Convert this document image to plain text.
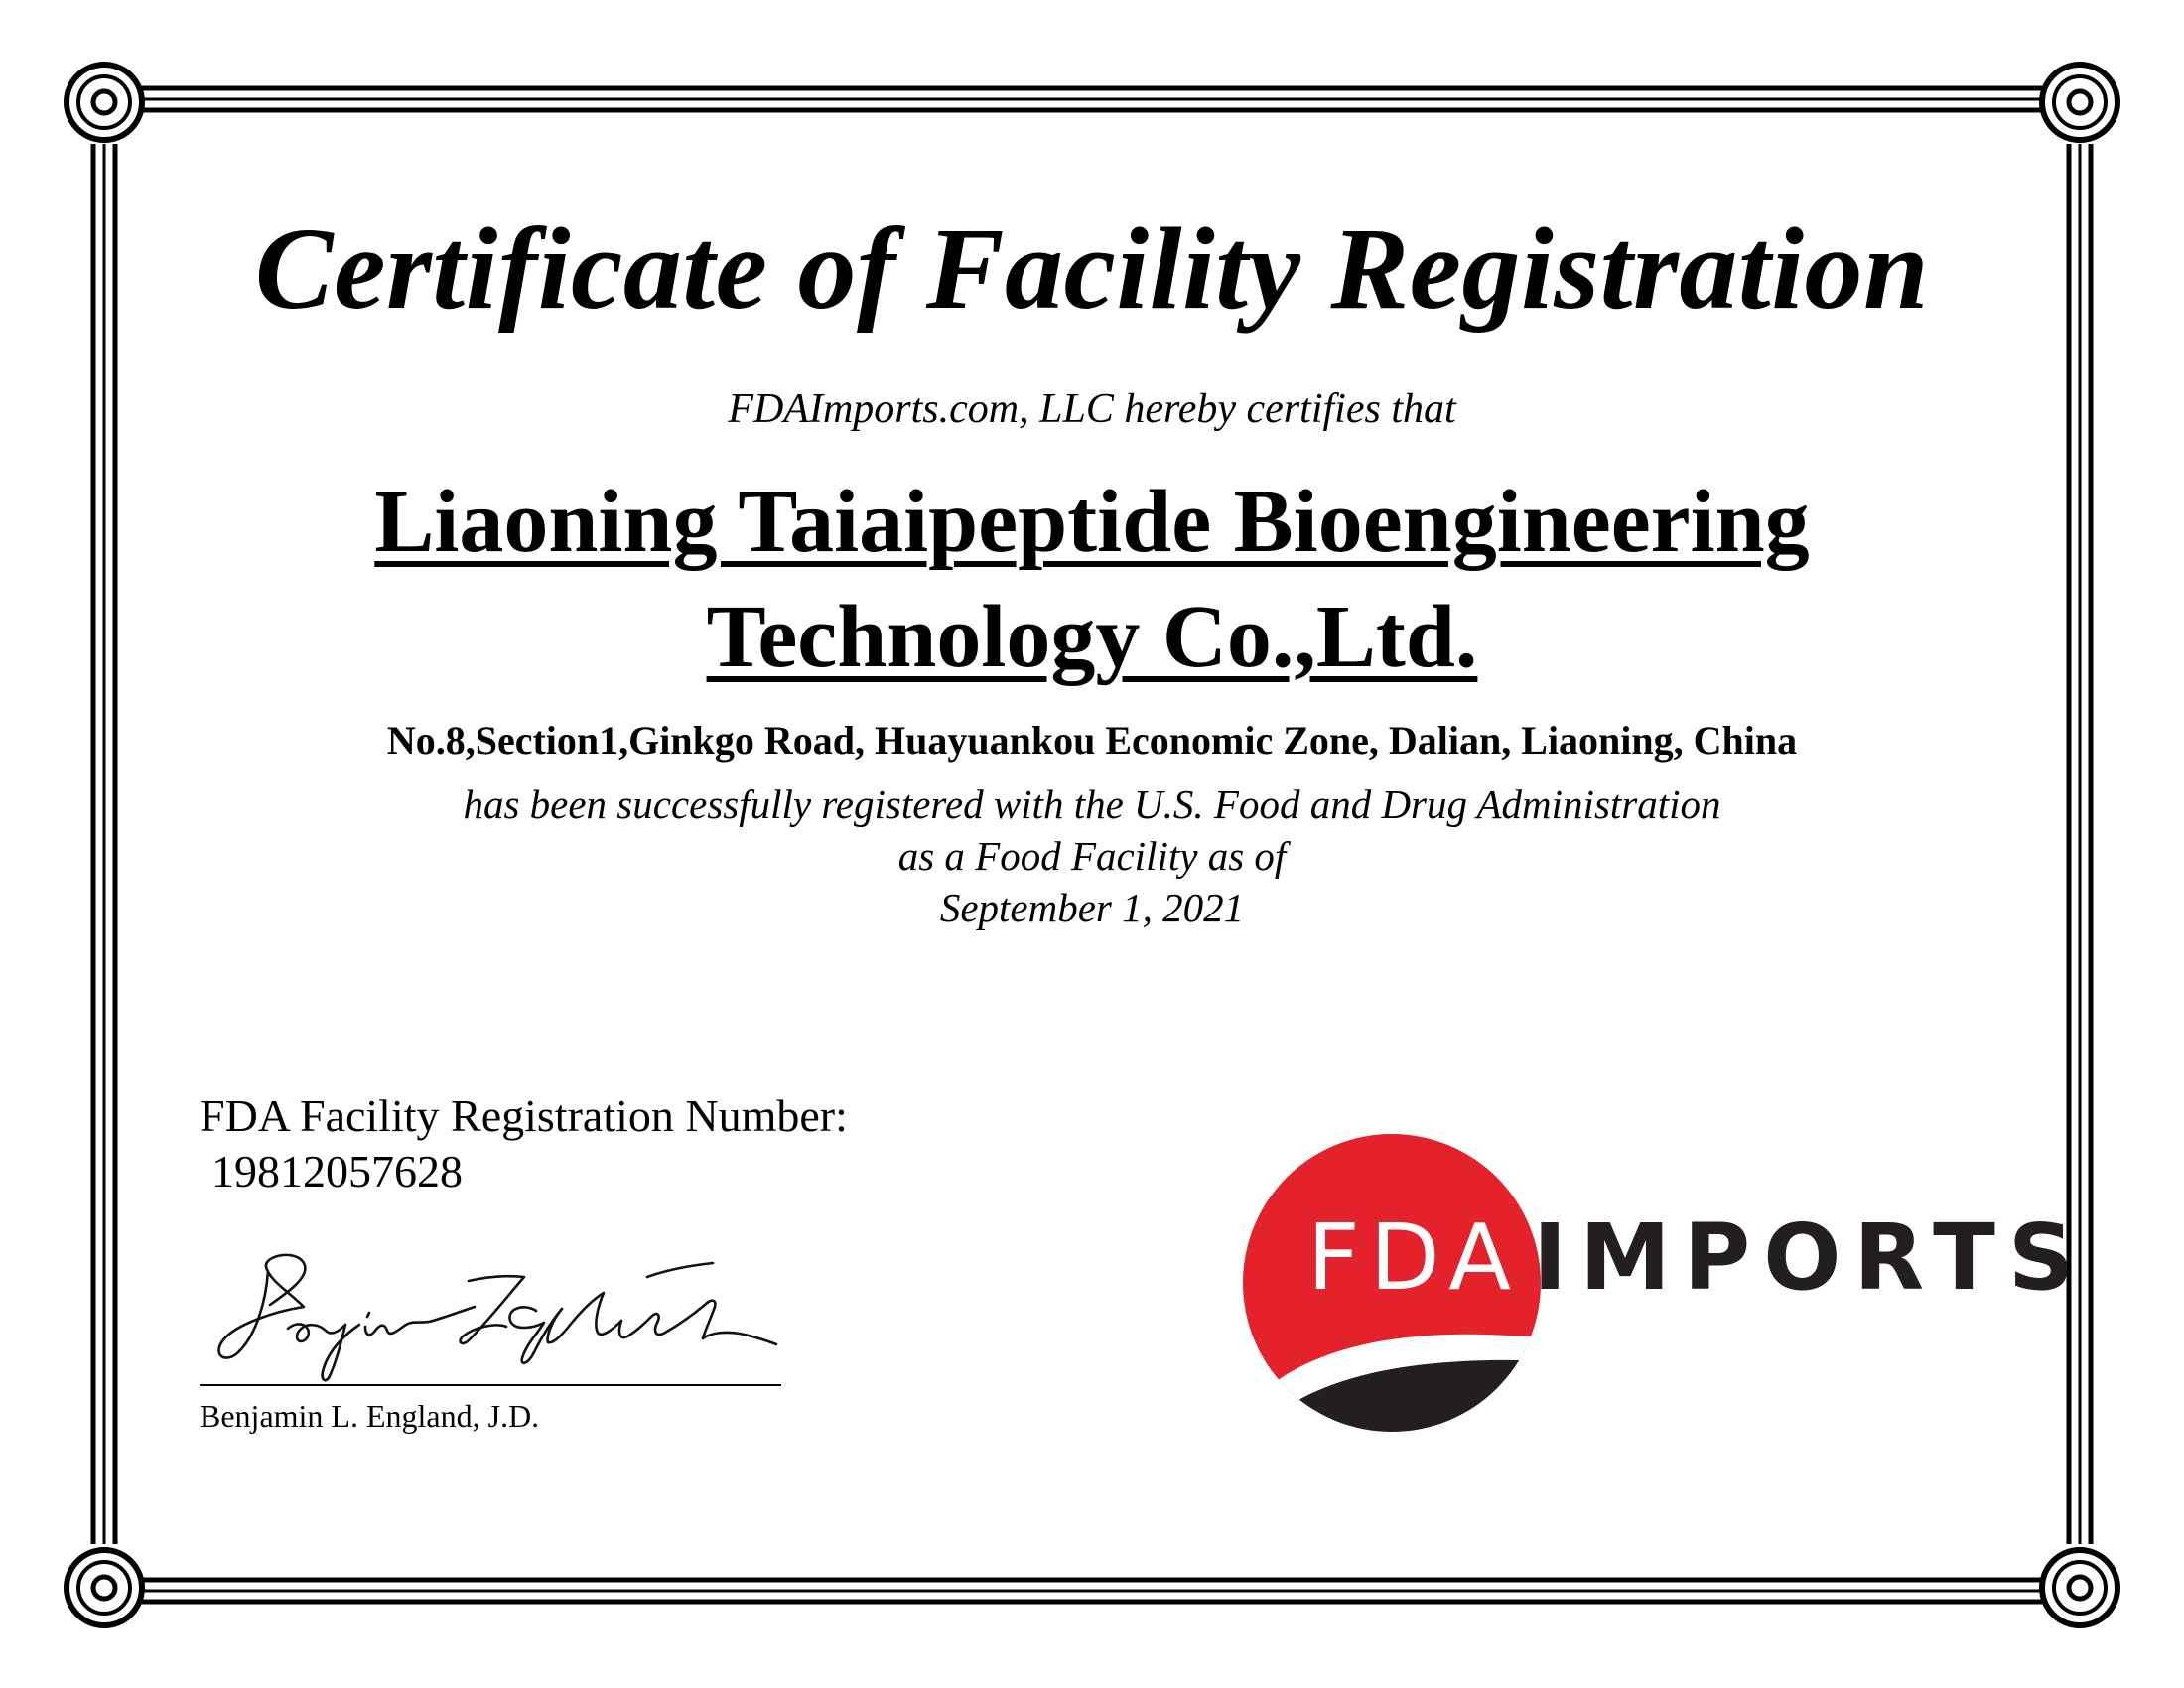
Certificate of Facility Registration
FDAImports.com, LLC hereby certifies that
Liaoning Taiaipeptide Bioengineering
Technology Co.,Ltd.
No.8,Section1,Ginkgo Road, Huayuankou Economic Zone, Dalian, Liaoning, China
has been successfully registered with the U.S. Food and Drug Administration
as a Food Facility as of
September 1, 2021
FDA Facility Registration Number:
19812057628
Benjamin L. England, J.D.
FDA IMPORTS
